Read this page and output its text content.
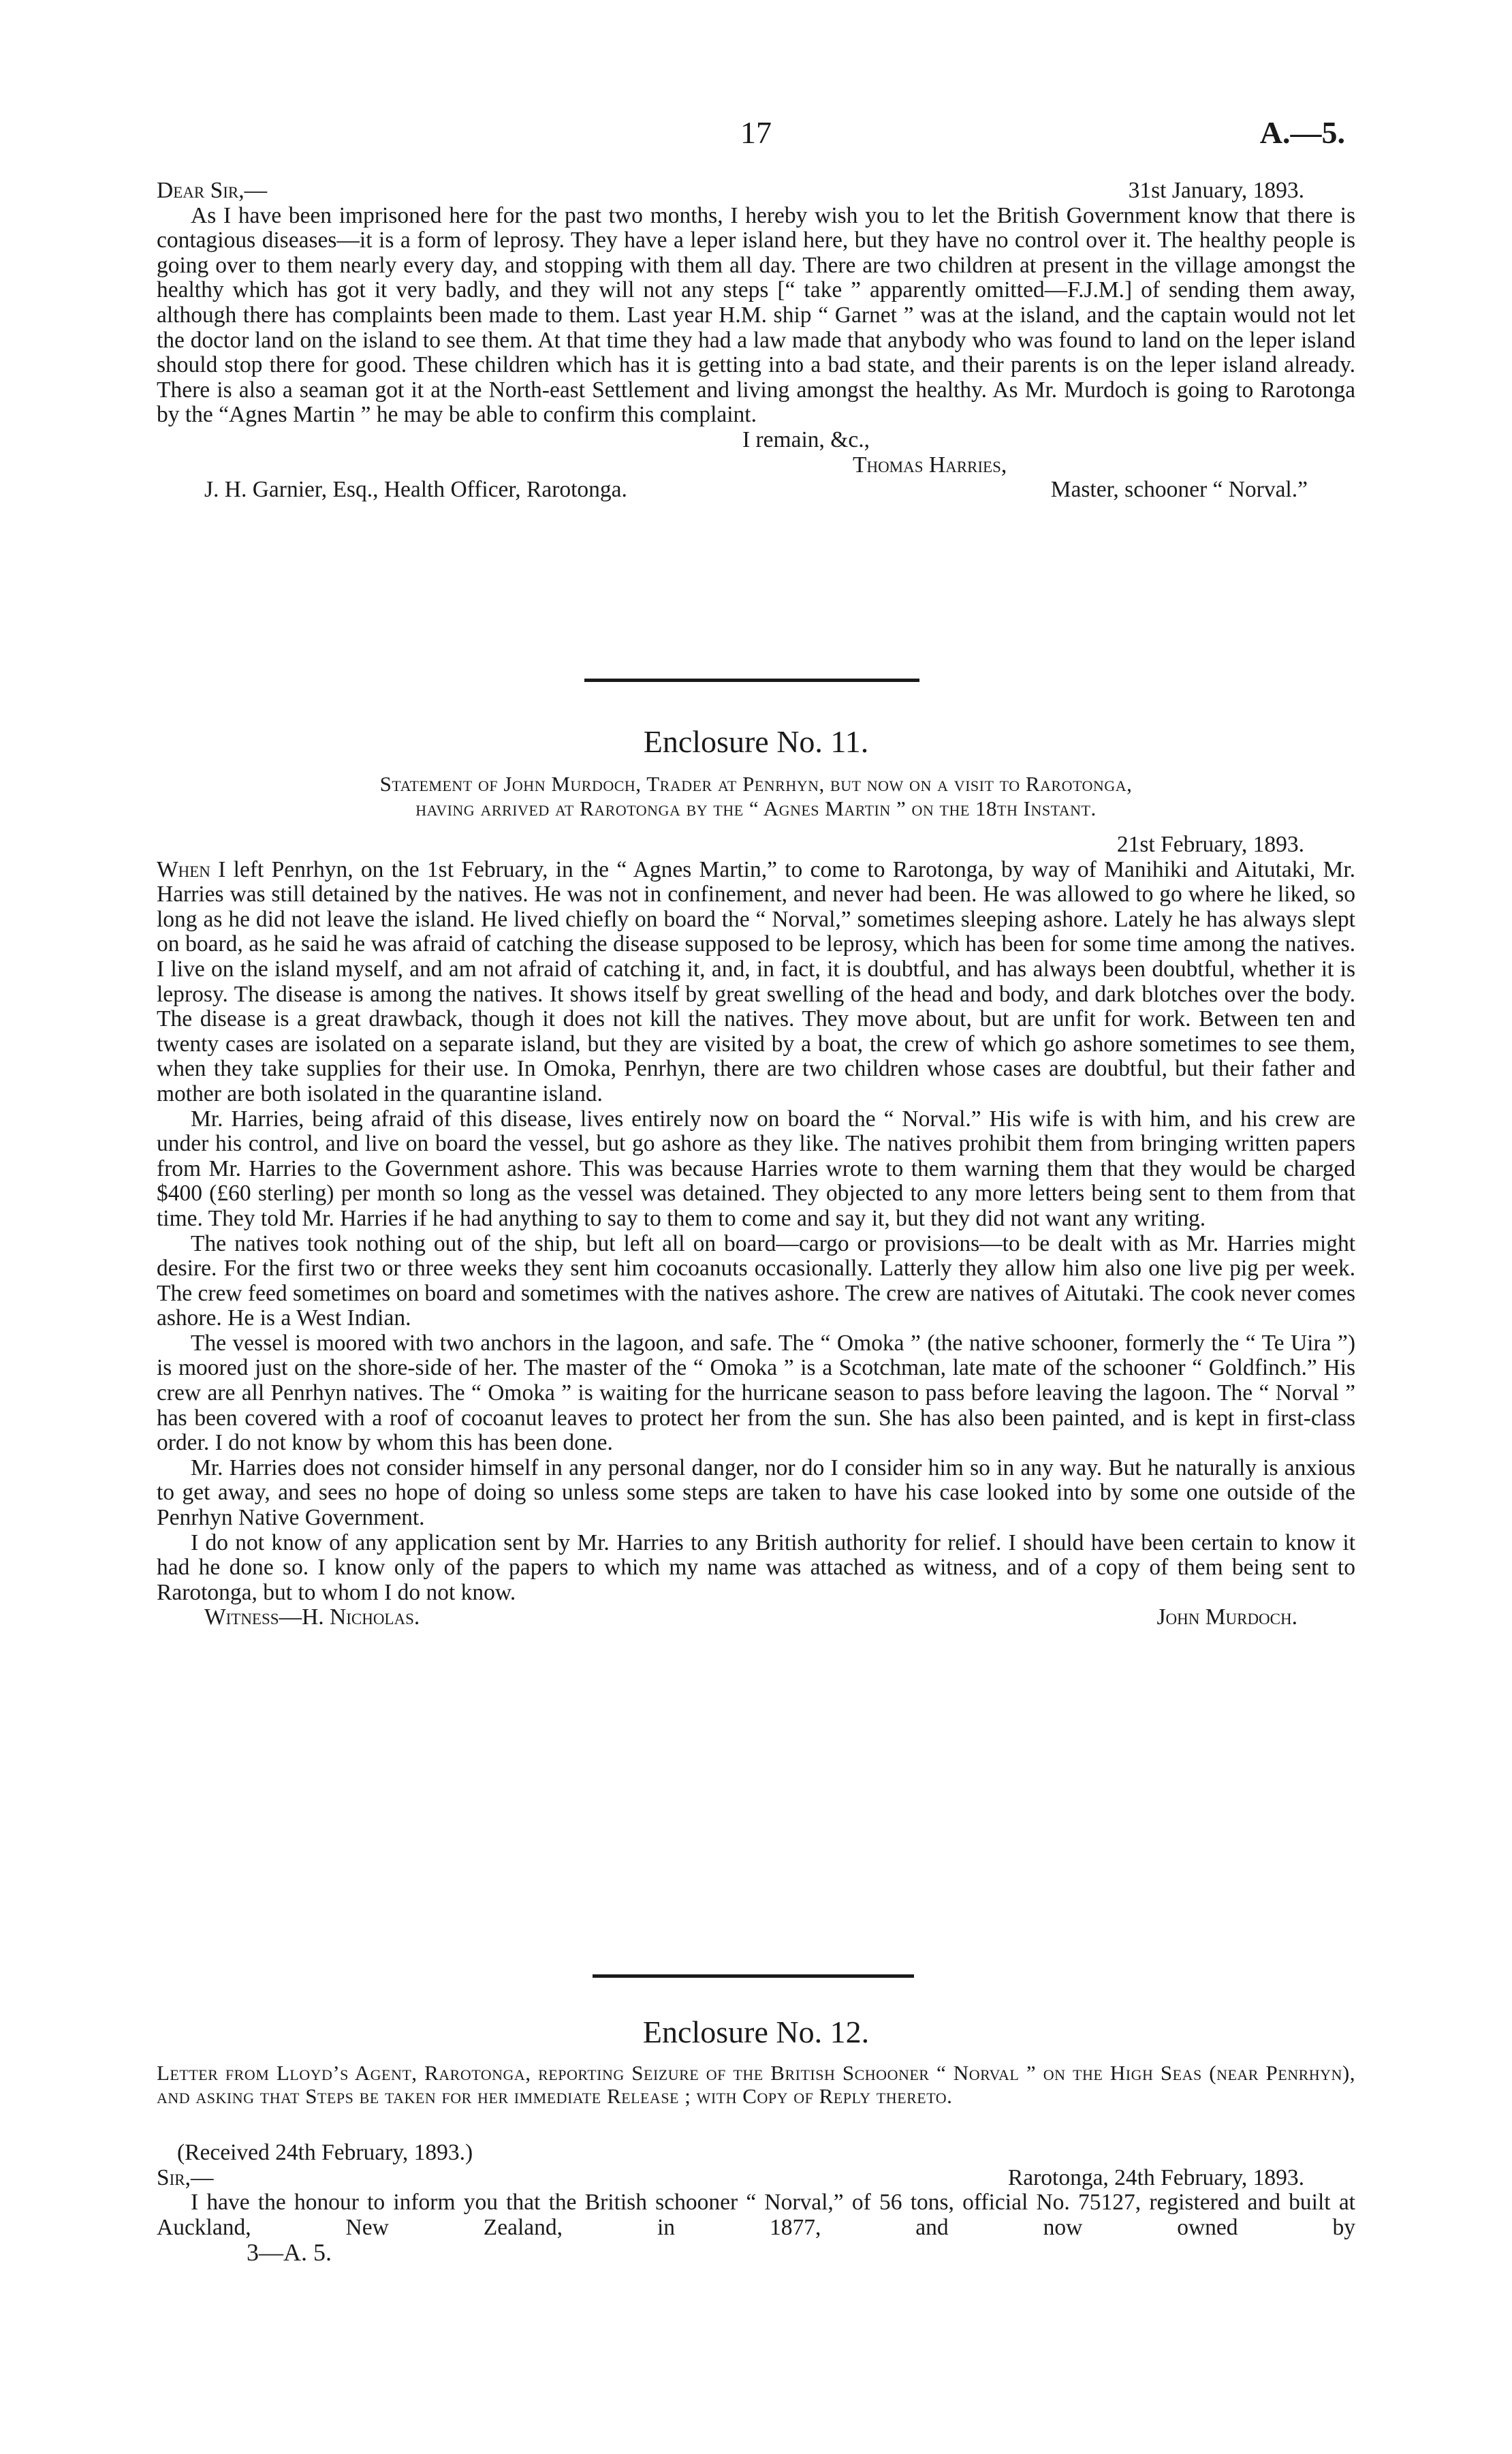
17	A.—5.
Dear Sir,—	31st January, 1893.

As I have been imprisoned here for the past two months, I hereby wish you to let the British Government know that there is contagious diseases—it is a form of leprosy. They have a leper island here, but they have no control over it. The healthy people is going over to them nearly every day, and stopping with them all day. There are two children at present in the village amongst the healthy which has got it very badly, and they will not any steps [“ take ” apparently omitted—F.J.M.] of sending them away, although there has complaints been made to them. Last year H.M. ship “ Garnet ” was at the island, and the captain would not let the doctor land on the island to see them. At that time they had a law made that anybody who was found to land on the leper island should stop there for good. These children which has it is getting into a bad state, and their parents is on the leper island already. There is also a seaman got it at the North-east Settlement and living amongst the healthy. As Mr. Murdoch is going to Rarotonga by the “Agnes Martin ” he may be able to confirm this complaint.

I remain, &c.,
Thomas Harries,
J. H. Garnier, Esq., Health Officer, Rarotonga.	Master, schooner “ Norval.”
Enclosure No. 11.
Statement of John Murdoch, Trader at Penrhyn, but now on a visit to Rarotonga,
having arrived at Rarotonga by the “ Agnes Martin ” on the 18th Instant.
21st February, 1893.

When I left Penrhyn, on the 1st February, in the “ Agnes Martin,” to come to Rarotonga, by way of Manihiki and Aitutaki, Mr. Harries was still detained by the natives. He was not in confinement, and never had been. He was allowed to go where he liked, so long as he did not leave the island. He lived chiefly on board the “ Norval,” sometimes sleeping ashore. Lately he has always slept on board, as he said he was afraid of catching the disease supposed to be leprosy, which has been for some time among the natives. I live on the island myself, and am not afraid of catching it, and, in fact, it is doubtful, and has always been doubtful, whether it is leprosy. The disease is among the natives. It shows itself by great swelling of the head and body, and dark blotches over the body. The disease is a great drawback, though it does not kill the natives. They move about, but are unfit for work. Between ten and twenty cases are isolated on a separate island, but they are visited by a boat, the crew of which go ashore sometimes to see them, when they take supplies for their use. In Omoka, Penrhyn, there are two children whose cases are doubtful, but their father and mother are both isolated in the quarantine island.

Mr. Harries, being afraid of this disease, lives entirely now on board the “ Norval.” His wife is with him, and his crew are under his control, and live on board the vessel, but go ashore as they like. The natives prohibit them from bringing written papers from Mr. Harries to the Government ashore. This was because Harries wrote to them warning them that they would be charged $400 (£60 sterling) per month so long as the vessel was detained. They objected to any more letters being sent to them from that time. They told Mr. Harries if he had anything to say to them to come and say it, but they did not want any writing.

The natives took nothing out of the ship, but left all on board—cargo or provisions—to be dealt with as Mr. Harries might desire. For the first two or three weeks they sent him cocoanuts occasionally. Latterly they allow him also one live pig per week. The crew feed sometimes on board and sometimes with the natives ashore. The crew are natives of Aitutaki. The cook never comes ashore. He is a West Indian.

The vessel is moored with two anchors in the lagoon, and safe. The “ Omoka ” (the native schooner, formerly the “ Te Uira ”) is moored just on the shore-side of her. The master of the “ Omoka ” is a Scotchman, late mate of the schooner “ Goldfinch.” His crew are all Penrhyn natives. The “ Omoka ” is waiting for the hurricane season to pass before leaving the lagoon. The “ Norval ” has been covered with a roof of cocoanut leaves to protect her from the sun. She has also been painted, and is kept in first-class order. I do not know by whom this has been done.

Mr. Harries does not consider himself in any personal danger, nor do I consider him so in any way. But he naturally is anxious to get away, and sees no hope of doing so unless some steps are taken to have his case looked into by some one outside of the Penrhyn Native Government.

I do not know of any application sent by Mr. Harries to any British authority for relief. I should have been certain to know it had he done so. I know only of the papers to which my name was attached as witness, and of a copy of them being sent to Rarotonga, but to whom I do not know.

Witness—H. Nicholas.	John Murdoch.
Enclosure No. 12.
Letter from Lloyd’s Agent, Rarotonga, reporting Seizure of the British Schooner “ Norval ” on the High Seas (near Penrhyn), and asking that Steps be taken for her immediate Release ; with Copy of Reply thereto.
(Received 24th February, 1893.)
Sir,—	Rarotonga, 24th February, 1893.

I have the honour to inform you that the British schooner “ Norval,” of 56 tons, official No. 75127, registered and built at Auckland, New Zealand, in 1877, and now owned by

3—A. 5.
